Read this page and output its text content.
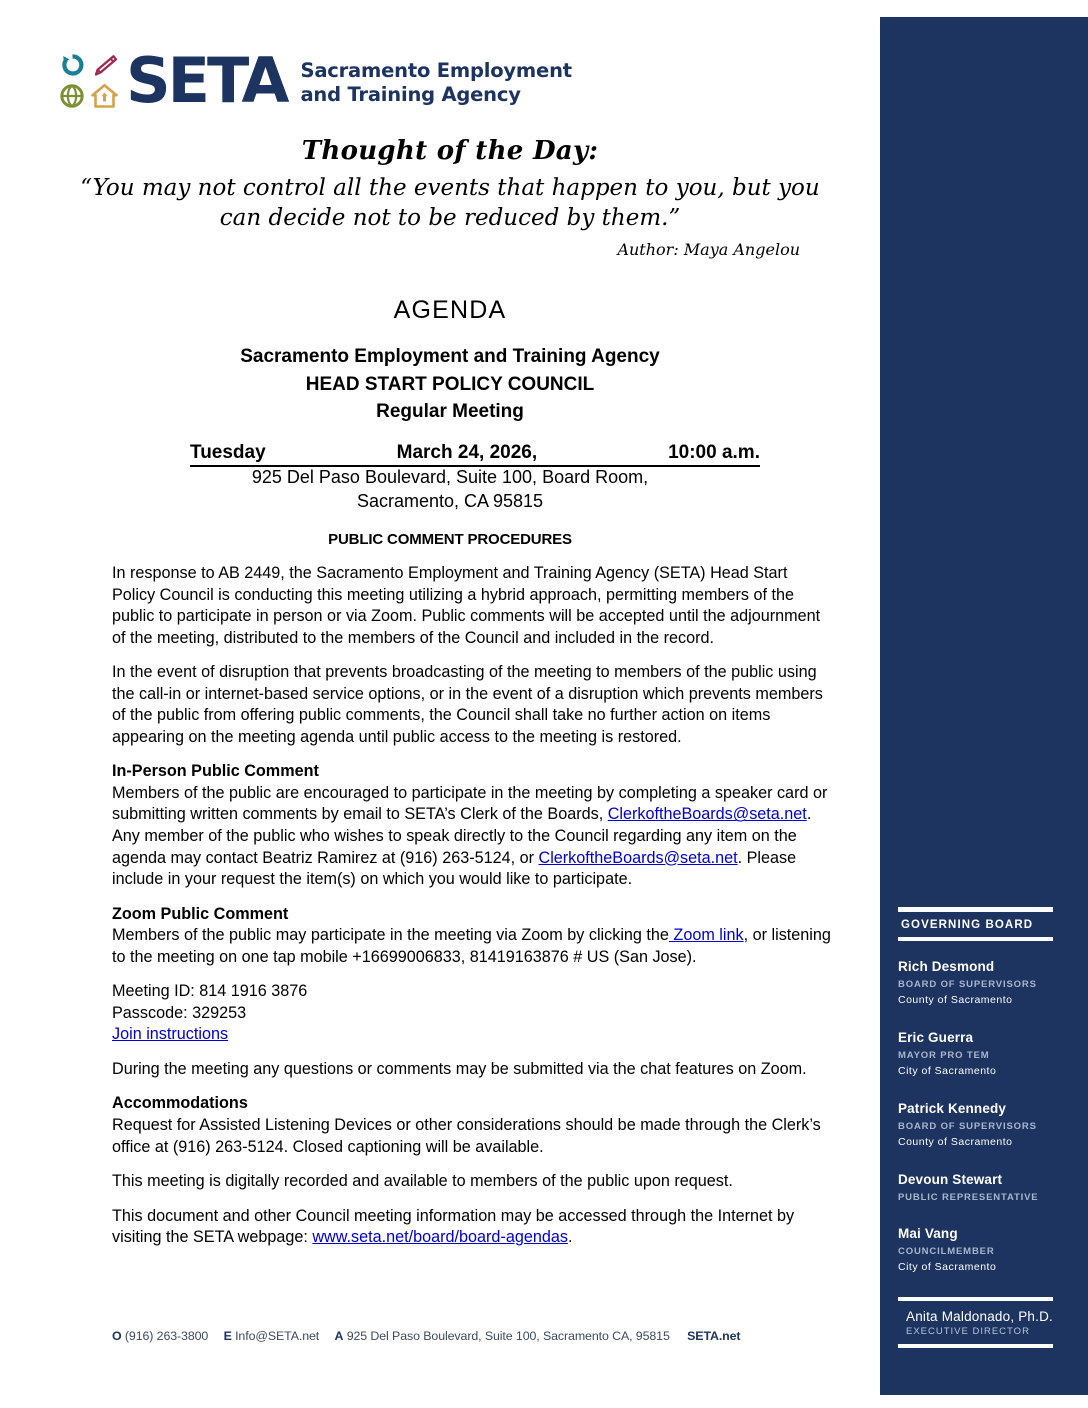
SETA Sacramento Employment
and Training Agency
Thought of the Day:
“You may not control all the events that happen to you, but you can decide not to be reduced by them.”
Author: Maya Angelou
AGENDA
Sacramento Employment and Training Agency
HEAD START POLICY COUNCIL
Regular Meeting
Tuesday	March 24, 2026,	10:00 a.m.
925 Del Paso Boulevard, Suite 100, Board Room,
Sacramento, CA 95815
PUBLIC COMMENT PROCEDURES

In response to AB 2449, the Sacramento Employment and Training Agency (SETA) Head Start Policy Council is conducting this meeting utilizing a hybrid approach, permitting members of the public to participate in person or via Zoom. Public comments will be accepted until the adjournment of the meeting, distributed to the members of the Council and included in the record.

In the event of disruption that prevents broadcasting of the meeting to members of the public using the call-in or internet-based service options, or in the event of a disruption which prevents members of the public from offering public comments, the Council shall take no further action on items appearing on the meeting agenda until public access to the meeting is restored.

In-Person Public Comment

Members of the public are encouraged to participate in the meeting by completing a speaker card or submitting written comments by email to SETA’s Clerk of the Boards, ClerkoftheBoards@seta.net. Any member of the public who wishes to speak directly to the Council regarding any item on the agenda may contact Beatriz Ramirez at (916) 263-5124, or ClerkoftheBoards@seta.net. Please include in your request the item(s) on which you would like to participate.

Zoom Public Comment

Members of the public may participate in the meeting via Zoom by clicking the Zoom link, or listening to the meeting on one tap mobile +16699006833, 81419163876 # US (San Jose).

Meeting ID: 814 1916 3876

Passcode: 329253

Join instructions

During the meeting any questions or comments may be submitted via the chat features on Zoom.

Accommodations

Request for Assisted Listening Devices or other considerations should be made through the Clerk’s office at (916) 263-5124. Closed captioning will be available.

This meeting is digitally recorded and available to members of the public upon request.

This document and other Council meeting information may be accessed through the Internet by visiting the SETA webpage: www.seta.net/board/board-agendas.

O (916) 263-3800 E Info@SETA.net A 925 Del Paso Boulevard, Suite 100, Sacramento CA, 95815 SETA.net
GOVERNING BOARD
Rich Desmond
BOARD OF SUPERVISORS
County of Sacramento
Eric Guerra
MAYOR PRO TEM
City of Sacramento
Patrick Kennedy
BOARD OF SUPERVISORS
County of Sacramento
Devoun Stewart
PUBLIC REPRESENTATIVE
Mai Vang
COUNCILMEMBER
City of Sacramento
Anita Maldonado, Ph.D.
EXECUTIVE DIRECTOR
